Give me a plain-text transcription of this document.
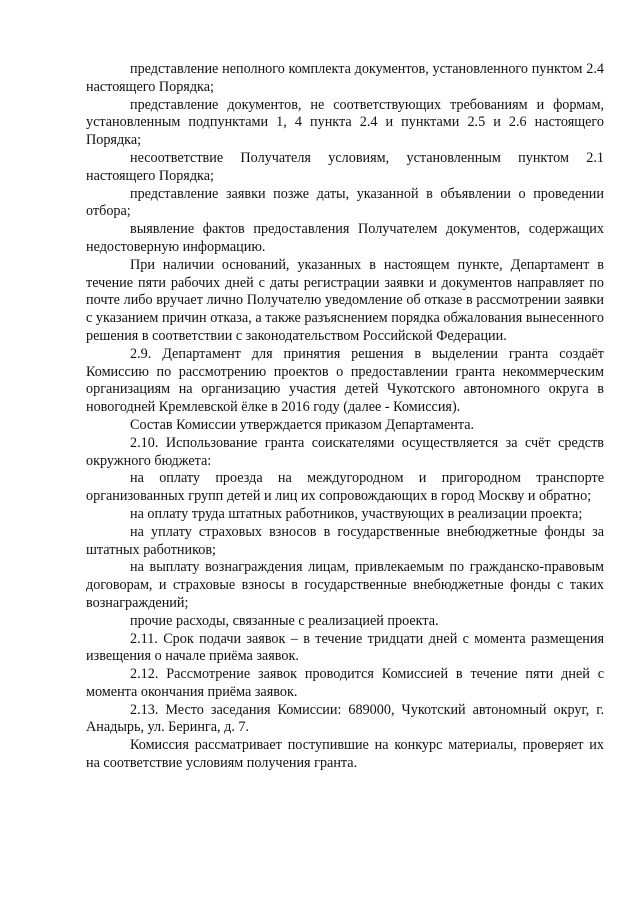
представление неполного комплекта документов, установленного пунктом 2.4 настоящего Порядка;

представление документов, не соответствующих требованиям и формам, установленным подпунктами 1, 4 пункта 2.4 и пунктами 2.5 и 2.6 настоящего Порядка;

несоответствие Получателя условиям, установленным пунктом 2.1 настоящего Порядка;

представление заявки позже даты, указанной в объявлении о проведении отбора;

выявление фактов предоставления Получателем документов, содержащих недостоверную информацию.

При наличии оснований, указанных в настоящем пункте, Департамент в течение пяти рабочих дней с даты регистрации заявки и документов направляет по почте либо вручает лично Получателю уведомление об отказе в рассмотрении заявки с указанием причин отказа, а также разъяснением порядка обжалования вынесенного решения в соответствии с законодательством Российской Федерации.

2.9. Департамент для принятия решения в выделении гранта создаёт Комиссию по рассмотрению проектов о предоставлении гранта некоммерческим организациям на организацию участия детей Чукотского автономного округа в новогодней Кремлевской ёлке в 2016 году (далее - Комиссия).

Состав Комиссии утверждается приказом Департамента.

2.10. Использование гранта соискателями осуществляется за счёт средств окружного бюджета:

на оплату проезда на междугородном и пригородном транспорте организованных групп детей и лиц их сопровождающих в город Москву и обратно;

на оплату труда штатных работников, участвующих в реализации проекта;

на уплату страховых взносов в государственные внебюджетные фонды за штатных работников;

на выплату вознаграждения лицам, привлекаемым по гражданско-правовым договорам, и страховые взносы в государственные внебюджетные фонды с таких вознаграждений;

прочие расходы, связанные с реализацией проекта.

2.11. Срок подачи заявок – в течение тридцати дней с момента размещения извещения о начале приёма заявок.

2.12. Рассмотрение заявок проводится Комиссией в течение пяти дней с момента окончания приёма заявок.

2.13. Место заседания Комиссии: 689000, Чукотский автономный округ, г. Анадырь, ул. Беринга, д. 7.

Комиссия рассматривает поступившие на конкурс материалы, проверяет их на соответствие условиям получения гранта.
